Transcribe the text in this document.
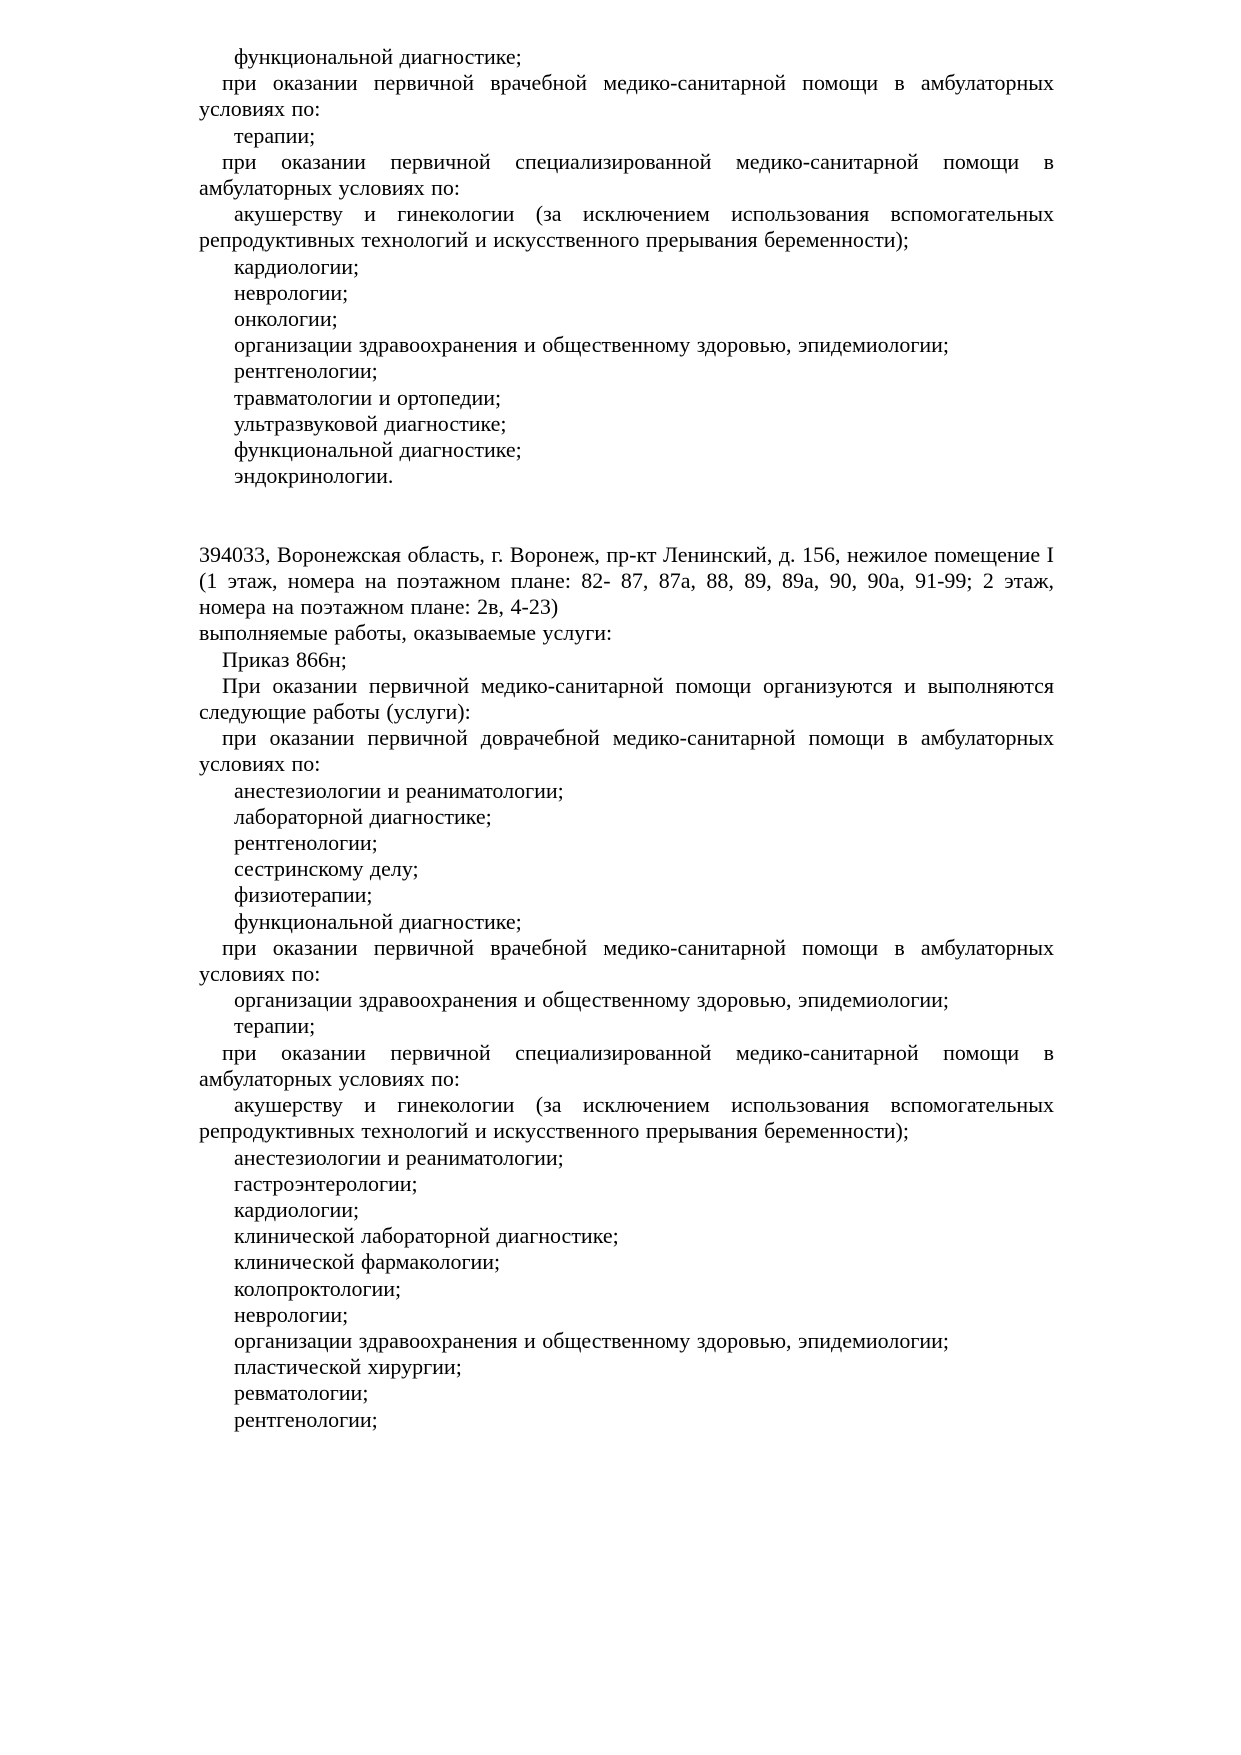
функциональной диагностике;

при оказании первичной врачебной медико-санитарной помощи в амбулаторных условиях по:

терапии;

при оказании первичной специализированной медико-санитарной помощи в амбулаторных условиях по:

акушерству и гинекологии (за исключением использования вспомогательных репродуктивных технологий и искусственного прерывания беременности);

кардиологии;

неврологии;

онкологии;

организации здравоохранения и общественному здоровью, эпидемиологии;

рентгенологии;

травматологии и ортопедии;

ультразвуковой диагностике;

функциональной диагностике;

эндокринологии.

394033, Воронежская область, г. Воронеж, пр-кт Ленинский, д. 156, нежилое помещение I (1 этаж, номера на поэтажном плане: 82- 87, 87а, 88, 89, 89а, 90, 90а, 91-99; 2 этаж, номера на поэтажном плане: 2в, 4-23)

выполняемые работы, оказываемые услуги:

Приказ 866н;

При оказании первичной медико-санитарной помощи организуются и выполняются следующие работы (услуги):

при оказании первичной доврачебной медико-санитарной помощи в амбулаторных условиях по:

анестезиологии и реаниматологии;

лабораторной диагностике;

рентгенологии;

сестринскому делу;

физиотерапии;

функциональной диагностике;

при оказании первичной врачебной медико-санитарной помощи в амбулаторных условиях по:

организации здравоохранения и общественному здоровью, эпидемиологии;

терапии;

при оказании первичной специализированной медико-санитарной помощи в амбулаторных условиях по:

акушерству и гинекологии (за исключением использования вспомогательных репродуктивных технологий и искусственного прерывания беременности);

анестезиологии и реаниматологии;

гастроэнтерологии;

кардиологии;

клинической лабораторной диагностике;

клинической фармакологии;

колопроктологии;

неврологии;

организации здравоохранения и общественному здоровью, эпидемиологии;

пластической хирургии;

ревматологии;

рентгенологии;
